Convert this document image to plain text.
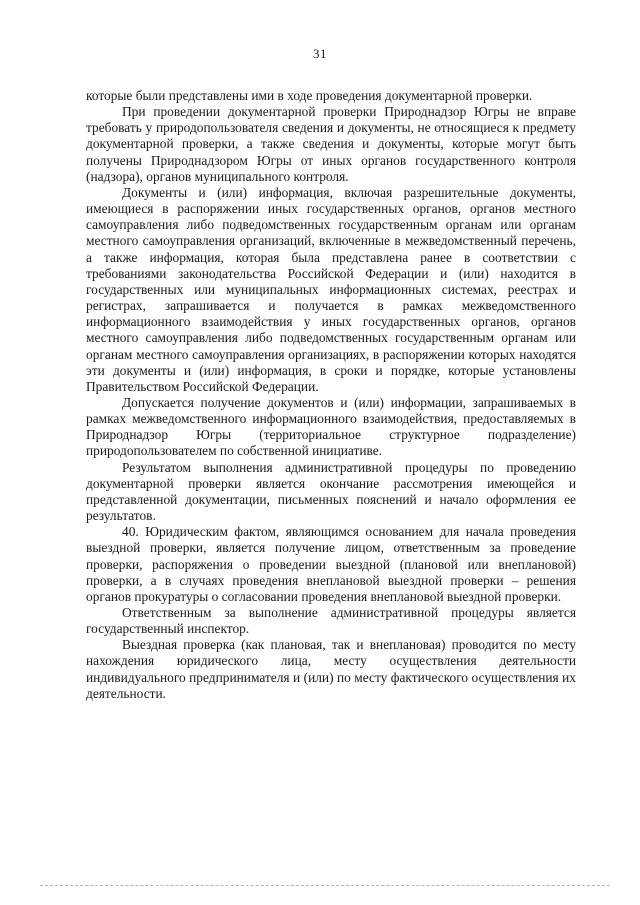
31

которые были представлены ими в ходе проведения документарной проверки.

При проведении документарной проверки Природнадзор Югры не вправе требовать у природопользователя сведения и документы, не относящиеся к предмету документарной проверки, а также сведения и документы, которые могут быть получены Природнадзором Югры от иных органов государственного контроля (надзора), органов муниципального контроля.

Документы и (или) информация, включая разрешительные документы, имеющиеся в распоряжении иных государственных органов, органов местного самоуправления либо подведомственных государственным органам или органам местного самоуправления организаций, включенные в межведомственный перечень, а также информация, которая была представлена ранее в соответствии с требованиями законодательства Российской Федерации и (или) находится в государственных или муниципальных информационных системах, реестрах и регистрах, запрашивается и получается в рамках межведомственного информационного взаимодействия у иных государственных органов, органов местного самоуправления либо подведомственных государственным органам или органам местного самоуправления организациях, в распоряжении которых находятся эти документы и (или) информация, в сроки и порядке, которые установлены Правительством Российской Федерации.

Допускается получение документов и (или) информации, запрашиваемых в рамках межведомственного информационного взаимодействия, предоставляемых в Природнадзор Югры (территориальное структурное подразделение) природопользователем по собственной инициативе.

Результатом выполнения административной процедуры по проведению документарной проверки является окончание рассмотрения имеющейся и представленной документации, письменных пояснений и начало оформления ее результатов.

40. Юридическим фактом, являющимся основанием для начала проведения выездной проверки, является получение лицом, ответственным за проведение проверки, распоряжения о проведении выездной (плановой или внеплановой) проверки, а в случаях проведения внеплановой выездной проверки – решения органов прокуратуры о согласовании проведения внеплановой выездной проверки.

Ответственным за выполнение административной процедуры является государственный инспектор.

Выездная проверка (как плановая, так и внеплановая) проводится по месту нахождения юридического лица, месту осуществления деятельности индивидуального предпринимателя и (или) по месту фактического осуществления их деятельности.
